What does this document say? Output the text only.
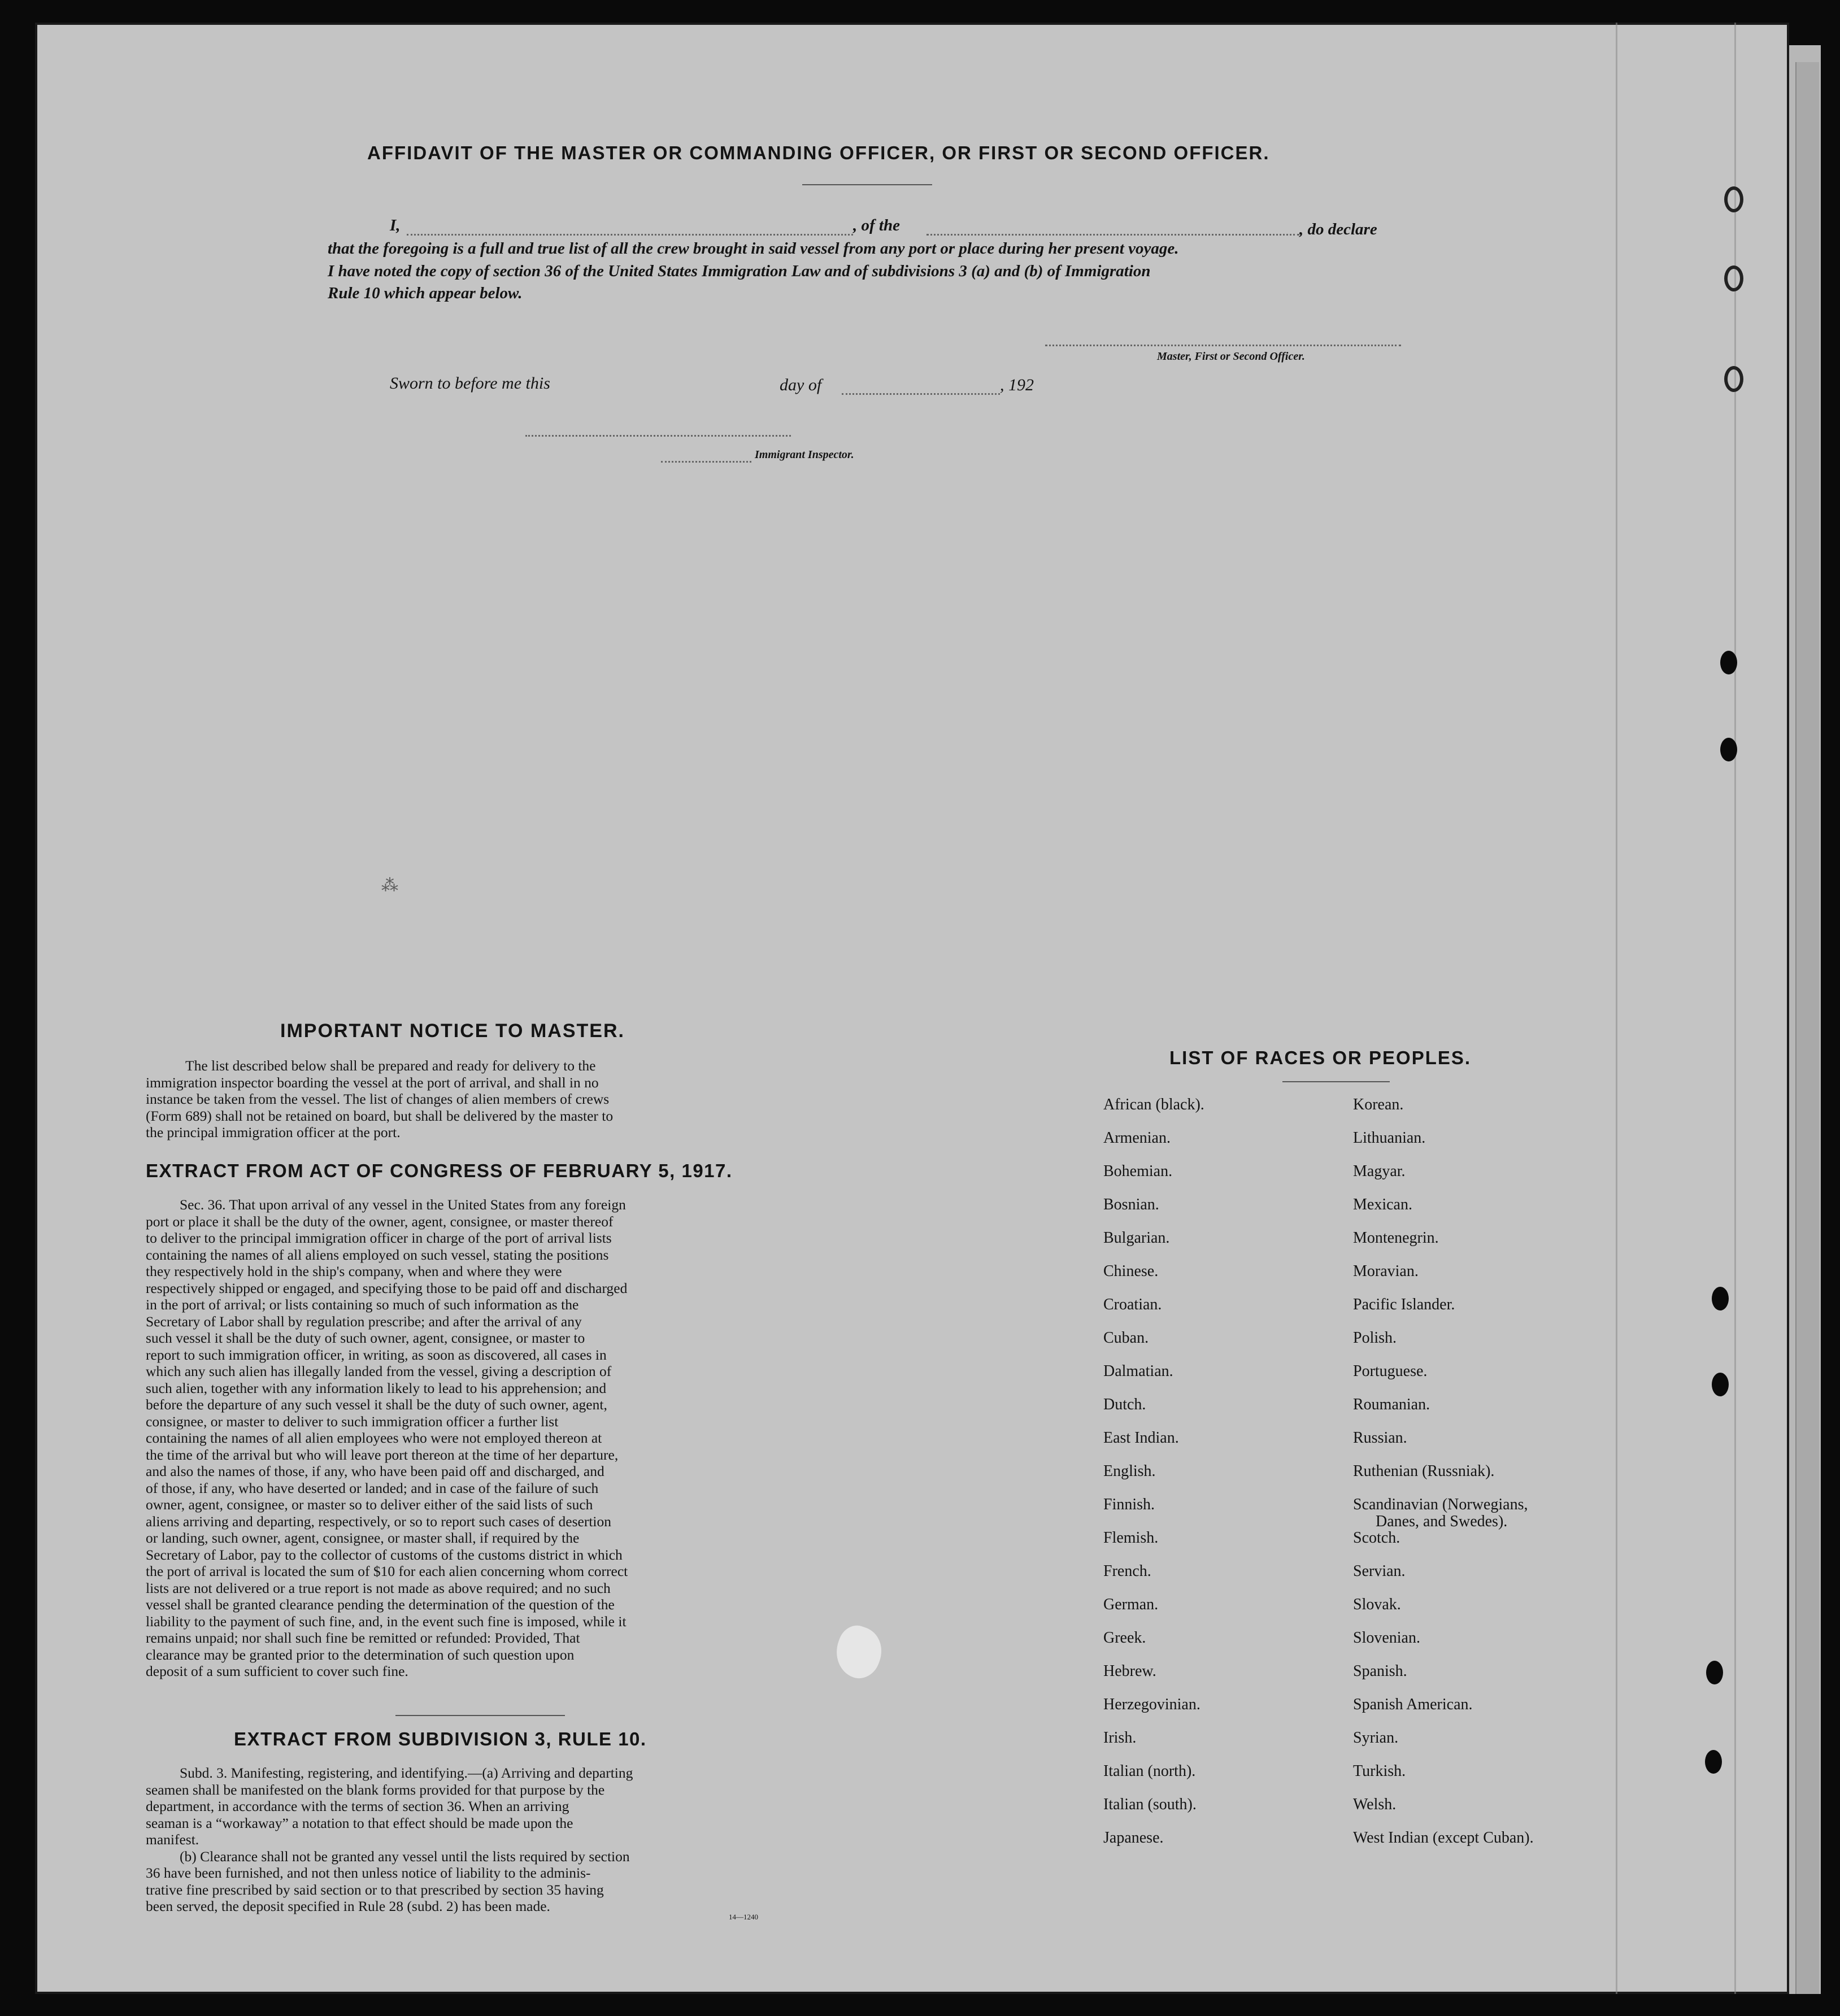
AFFIDAVIT OF THE MASTER OR COMMANDING OFFICER, OR FIRST OR SECOND OFFICER.
I,	, of the	, do declare
that the foregoing is a full and true list of all the crew brought in said vessel from any port or place during her present voyage.
I have noted the copy of section 36 of the United States Immigration Law and of subdivisions 3 (a) and (b) of Immigration
Rule 10 which appear below.
Master, First or Second Officer.
Sworn to before me this	day of	, 192
Immigrant Inspector.
⁂
IMPORTANT NOTICE TO MASTER.
The list described below shall be prepared and ready for delivery to the
immigration inspector boarding the vessel at the port of arrival, and shall in no
instance be taken from the vessel. The list of changes of alien members of crews
(Form 689) shall not be retained on board, but shall be delivered by the master to
the principal immigration officer at the port.
EXTRACT FROM ACT OF CONGRESS OF FEBRUARY 5, 1917.
Sec. 36. That upon arrival of any vessel in the United States from any foreign
port or place it shall be the duty of the owner, agent, consignee, or master thereof
to deliver to the principal immigration officer in charge of the port of arrival lists
containing the names of all aliens employed on such vessel, stating the positions
they respectively hold in the ship's company, when and where they were
respectively shipped or engaged, and specifying those to be paid off and discharged
in the port of arrival; or lists containing so much of such information as the
Secretary of Labor shall by regulation prescribe; and after the arrival of any
such vessel it shall be the duty of such owner, agent, consignee, or master to
report to such immigration officer, in writing, as soon as discovered, all cases in
which any such alien has illegally landed from the vessel, giving a description of
such alien, together with any information likely to lead to his apprehension; and
before the departure of any such vessel it shall be the duty of such owner, agent,
consignee, or master to deliver to such immigration officer a further list
containing the names of all alien employees who were not employed thereon at
the time of the arrival but who will leave port thereon at the time of her departure,
and also the names of those, if any, who have been paid off and discharged, and
of those, if any, who have deserted or landed; and in case of the failure of such
owner, agent, consignee, or master so to deliver either of the said lists of such
aliens arriving and departing, respectively, or so to report such cases of desertion
or landing, such owner, agent, consignee, or master shall, if required by the
Secretary of Labor, pay to the collector of customs of the customs district in which
the port of arrival is located the sum of $10 for each alien concerning whom correct
lists are not delivered or a true report is not made as above required; and no such
vessel shall be granted clearance pending the determination of the question of the
liability to the payment of such fine, and, in the event such fine is imposed, while it
remains unpaid; nor shall such fine be remitted or refunded: Provided, That
clearance may be granted prior to the determination of such question upon
deposit of a sum sufficient to cover such fine.
EXTRACT FROM SUBDIVISION 3, RULE 10.
Subd. 3. Manifesting, registering, and identifying.—(a) Arriving and departing
seamen shall be manifested on the blank forms provided for that purpose by the
department, in accordance with the terms of section 36. When an arriving
seaman is a “workaway” a notation to that effect should be made upon the
manifest.
(b) Clearance shall not be granted any vessel until the lists required by section
36 have been furnished, and not then unless notice of liability to the adminis-
trative fine prescribed by said section or to that prescribed by section 35 having
been served, the deposit specified in Rule 28 (subd. 2) has been made.
14—1240
LIST OF RACES OR PEOPLES.
African (black).
Armenian.
Bohemian.
Bosnian.
Bulgarian.
Chinese.
Croatian.
Cuban.
Dalmatian.
Dutch.
East Indian.
English.
Finnish.
Flemish.
French.
German.
Greek.
Hebrew.
Herzegovinian.
Irish.
Italian (north).
Italian (south).
Japanese.
Korean.
Lithuanian.
Magyar.
Mexican.
Montenegrin.
Moravian.
Pacific Islander.
Polish.
Portuguese.
Roumanian.
Russian.
Ruthenian (Russniak).
Scandinavian (Norwegians,
Danes, and Swedes).
Scotch.
Servian.
Slovak.
Slovenian.
Spanish.
Spanish American.
Syrian.
Turkish.
Welsh.
West Indian (except Cuban).
